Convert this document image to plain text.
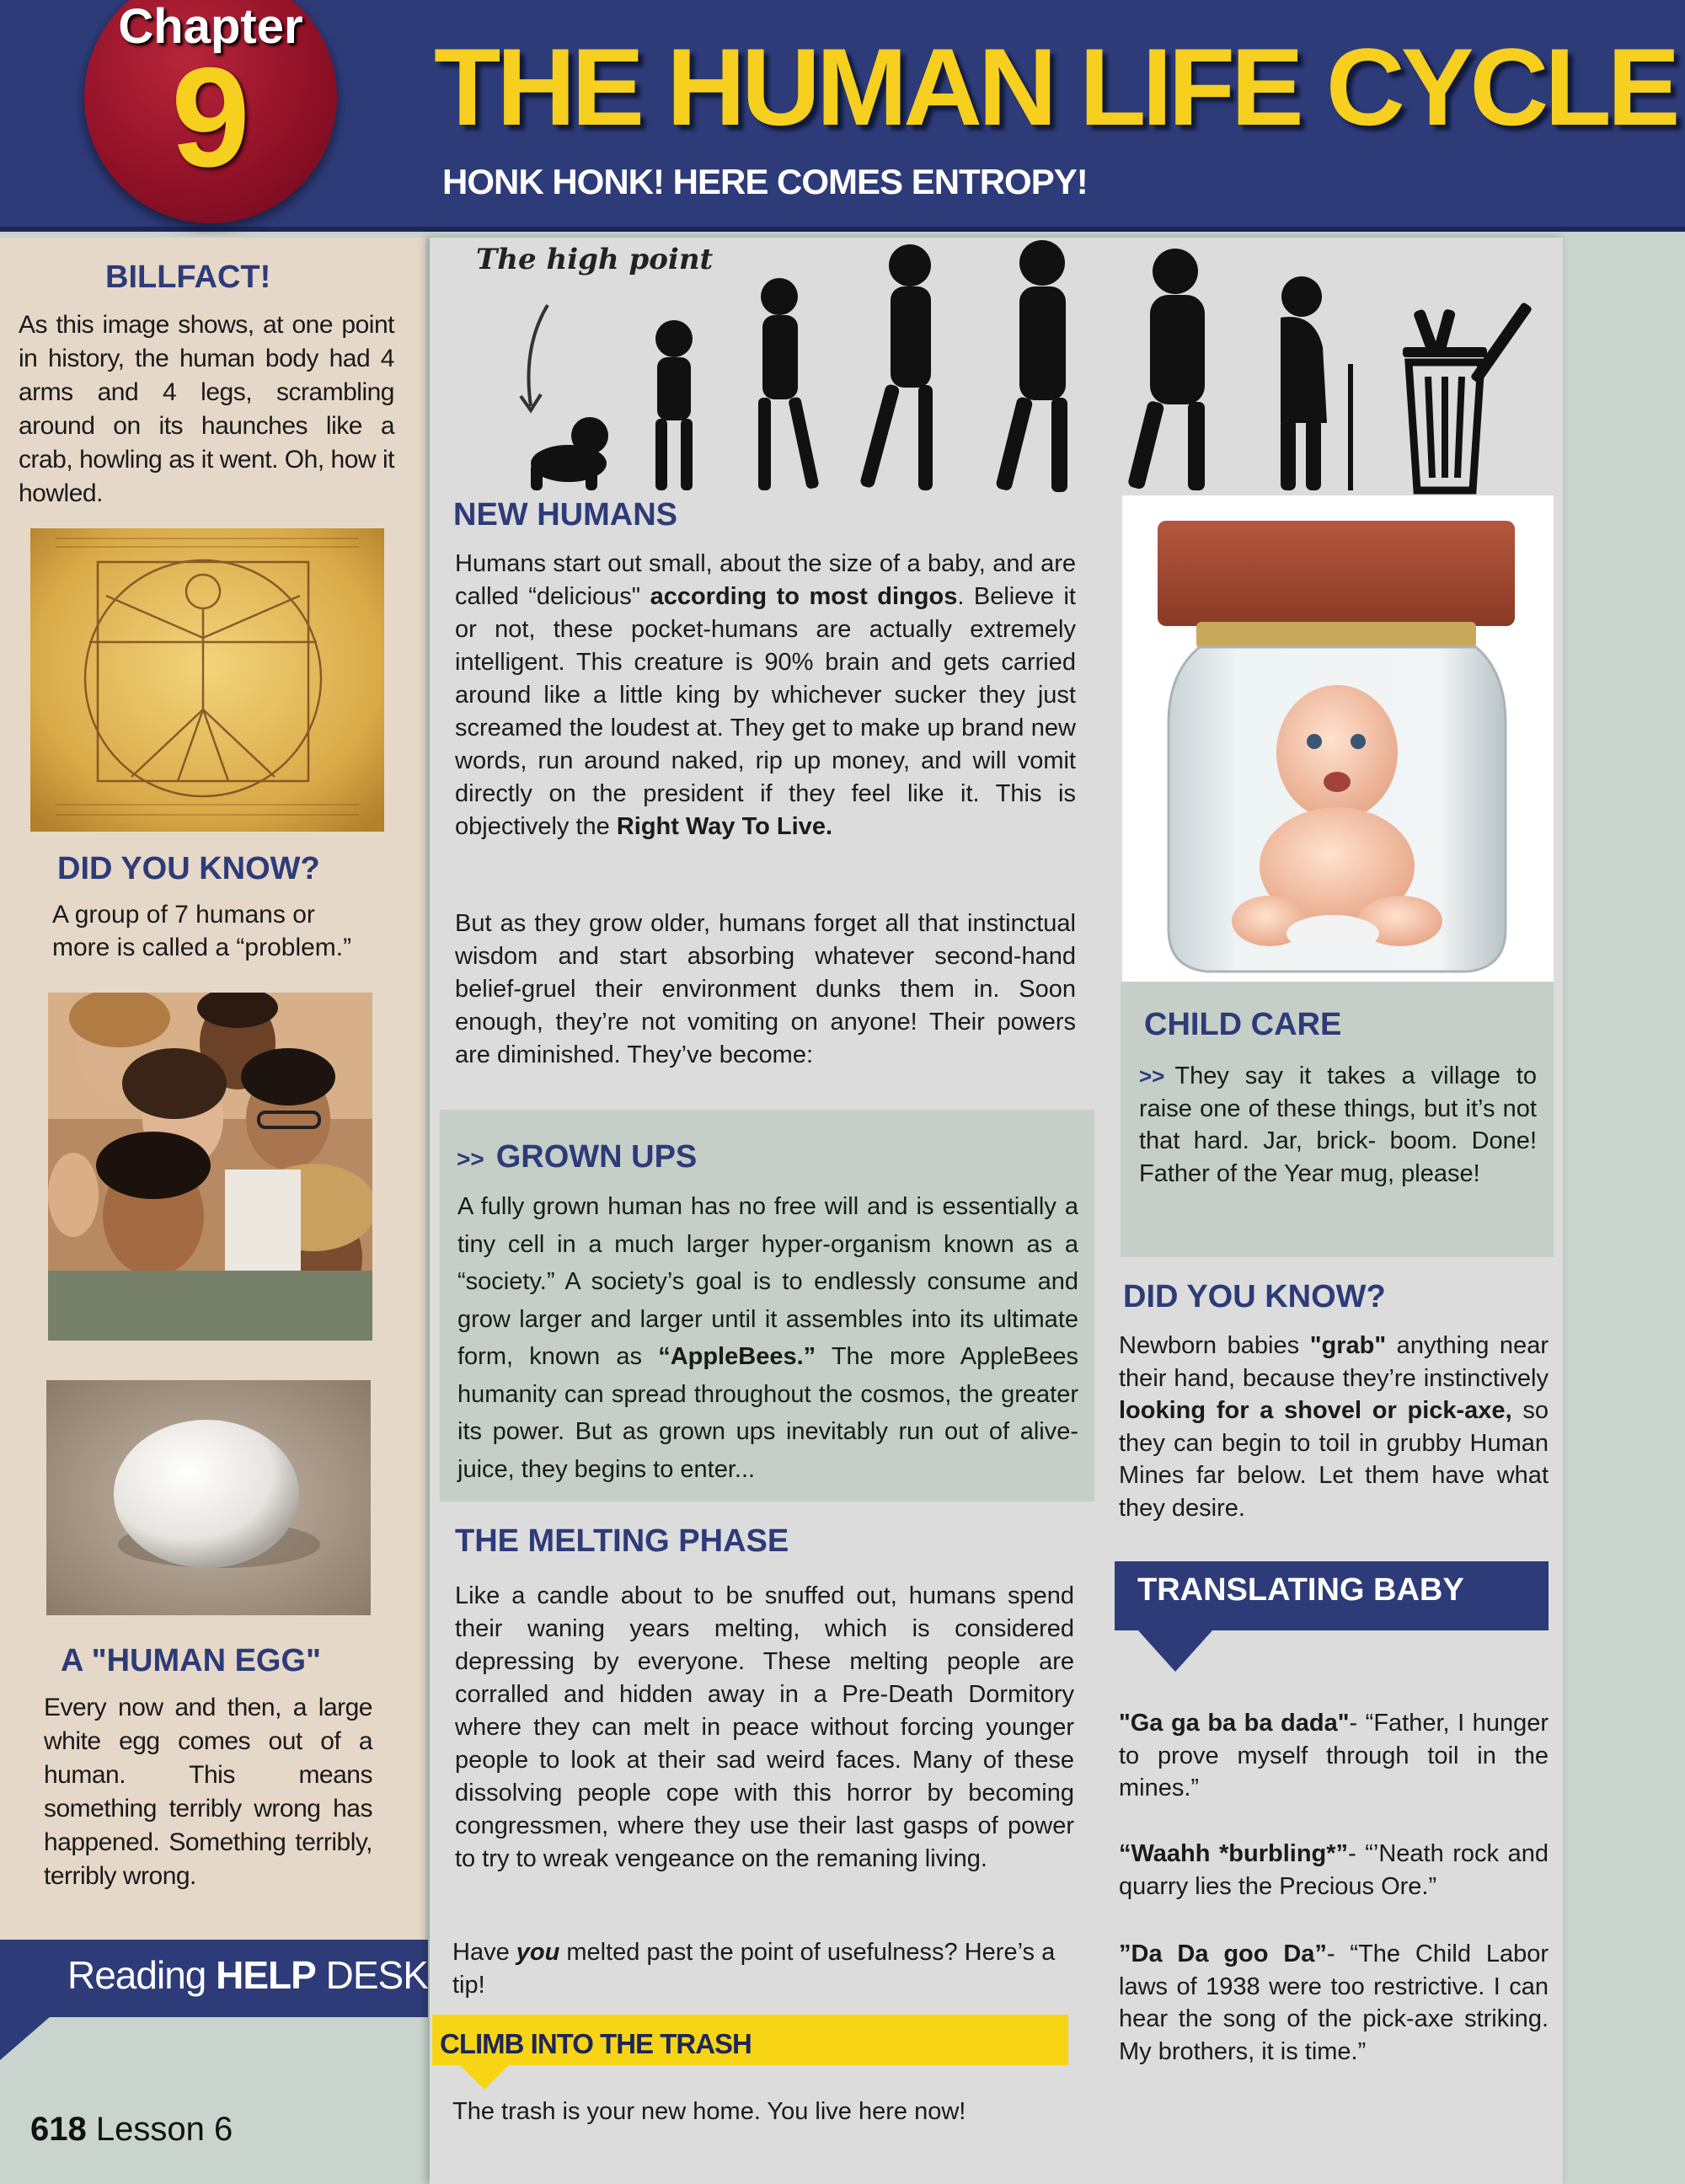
Chapter
9	THE HUMAN LIFE CYCLE
HONK HONK! HERE COMES ENTROPY!
BILLFACT!
As this image shows, at one point in history, the human body had 4 arms and 4 legs, scrambling around on its haunches like a crab, howling as it went. Oh, how it howled.
DID YOU KNOW?
A group of 7 humans or
more is called a “problem.”
A "HUMAN EGG"
Every now and then, a large white egg comes out of a human. This means something terribly wrong has happened. Something terribly, terribly wrong.
Reading HELP DESK
618 Lesson 6
The high point
NEW HUMANS
Humans start out small, about the size of a baby, and are called “delicious" according to most dingos. Believe it or not, these pocket-humans are actually extremely intelligent. This creature is 90% brain and gets carried around like a little king by whichever sucker they just screamed the loudest at. They get to make up brand new words, run around naked, rip up money, and will vomit directly on the president if they feel like it. This is objectively the Right Way To Live.
But as they grow older, humans forget all that instinctual wisdom and start absorbing whatever second-hand belief-gruel their environment dunks them in. Soon enough, they’re not vomiting on anyone! Their powers are diminished. They’ve become:
>> GROWN UPS
A fully grown human has no free will and is essentially a tiny cell in a much larger hyper-organism known as a “society.” A society’s goal is to endlessly consume and grow larger and larger until it assembles into its ultimate form, known as “AppleBees.” The more AppleBees humanity can spread throughout the cosmos, the greater its power. But as grown ups inevitably run out of alive-juice, they begins to enter...
THE MELTING PHASE
Like a candle about to be snuffed out, humans spend their waning years melting, which is considered depressing by everyone. These melting people are corralled and hidden away in a Pre-Death Dormitory where they can melt in peace without forcing younger people to look at their sad weird faces. Many of these dissolving people cope with this horror by becoming congressmen, where they use their last gasps of power to try to wreak vengeance on the remaning living.
Have you melted past the point of usefulness? Here’s a tip!
CLIMB INTO THE TRASH
The trash is your new home. You live here now!
CHILD CARE
>> They say it takes a village to raise one of these things, but it’s not that hard. Jar, brick- boom. Done! Father of the Year mug, please!
DID YOU KNOW?
Newborn babies "grab" anything near their hand, because they’re instinctively looking for a shovel or pick-axe, so they can begin to toil in grubby Human Mines far below. Let them have what they desire.
TRANSLATING BABY
"Ga ga ba ba dada"- “Father, I hunger to prove myself through toil in the mines.”
“Waahh *burbling*”- “’Neath rock and quarry lies the Precious Ore.”
”Da Da goo Da”- “The Child Labor laws of 1938 were too restrictive. I can hear the song of the pick-axe striking. My brothers, it is time.”
